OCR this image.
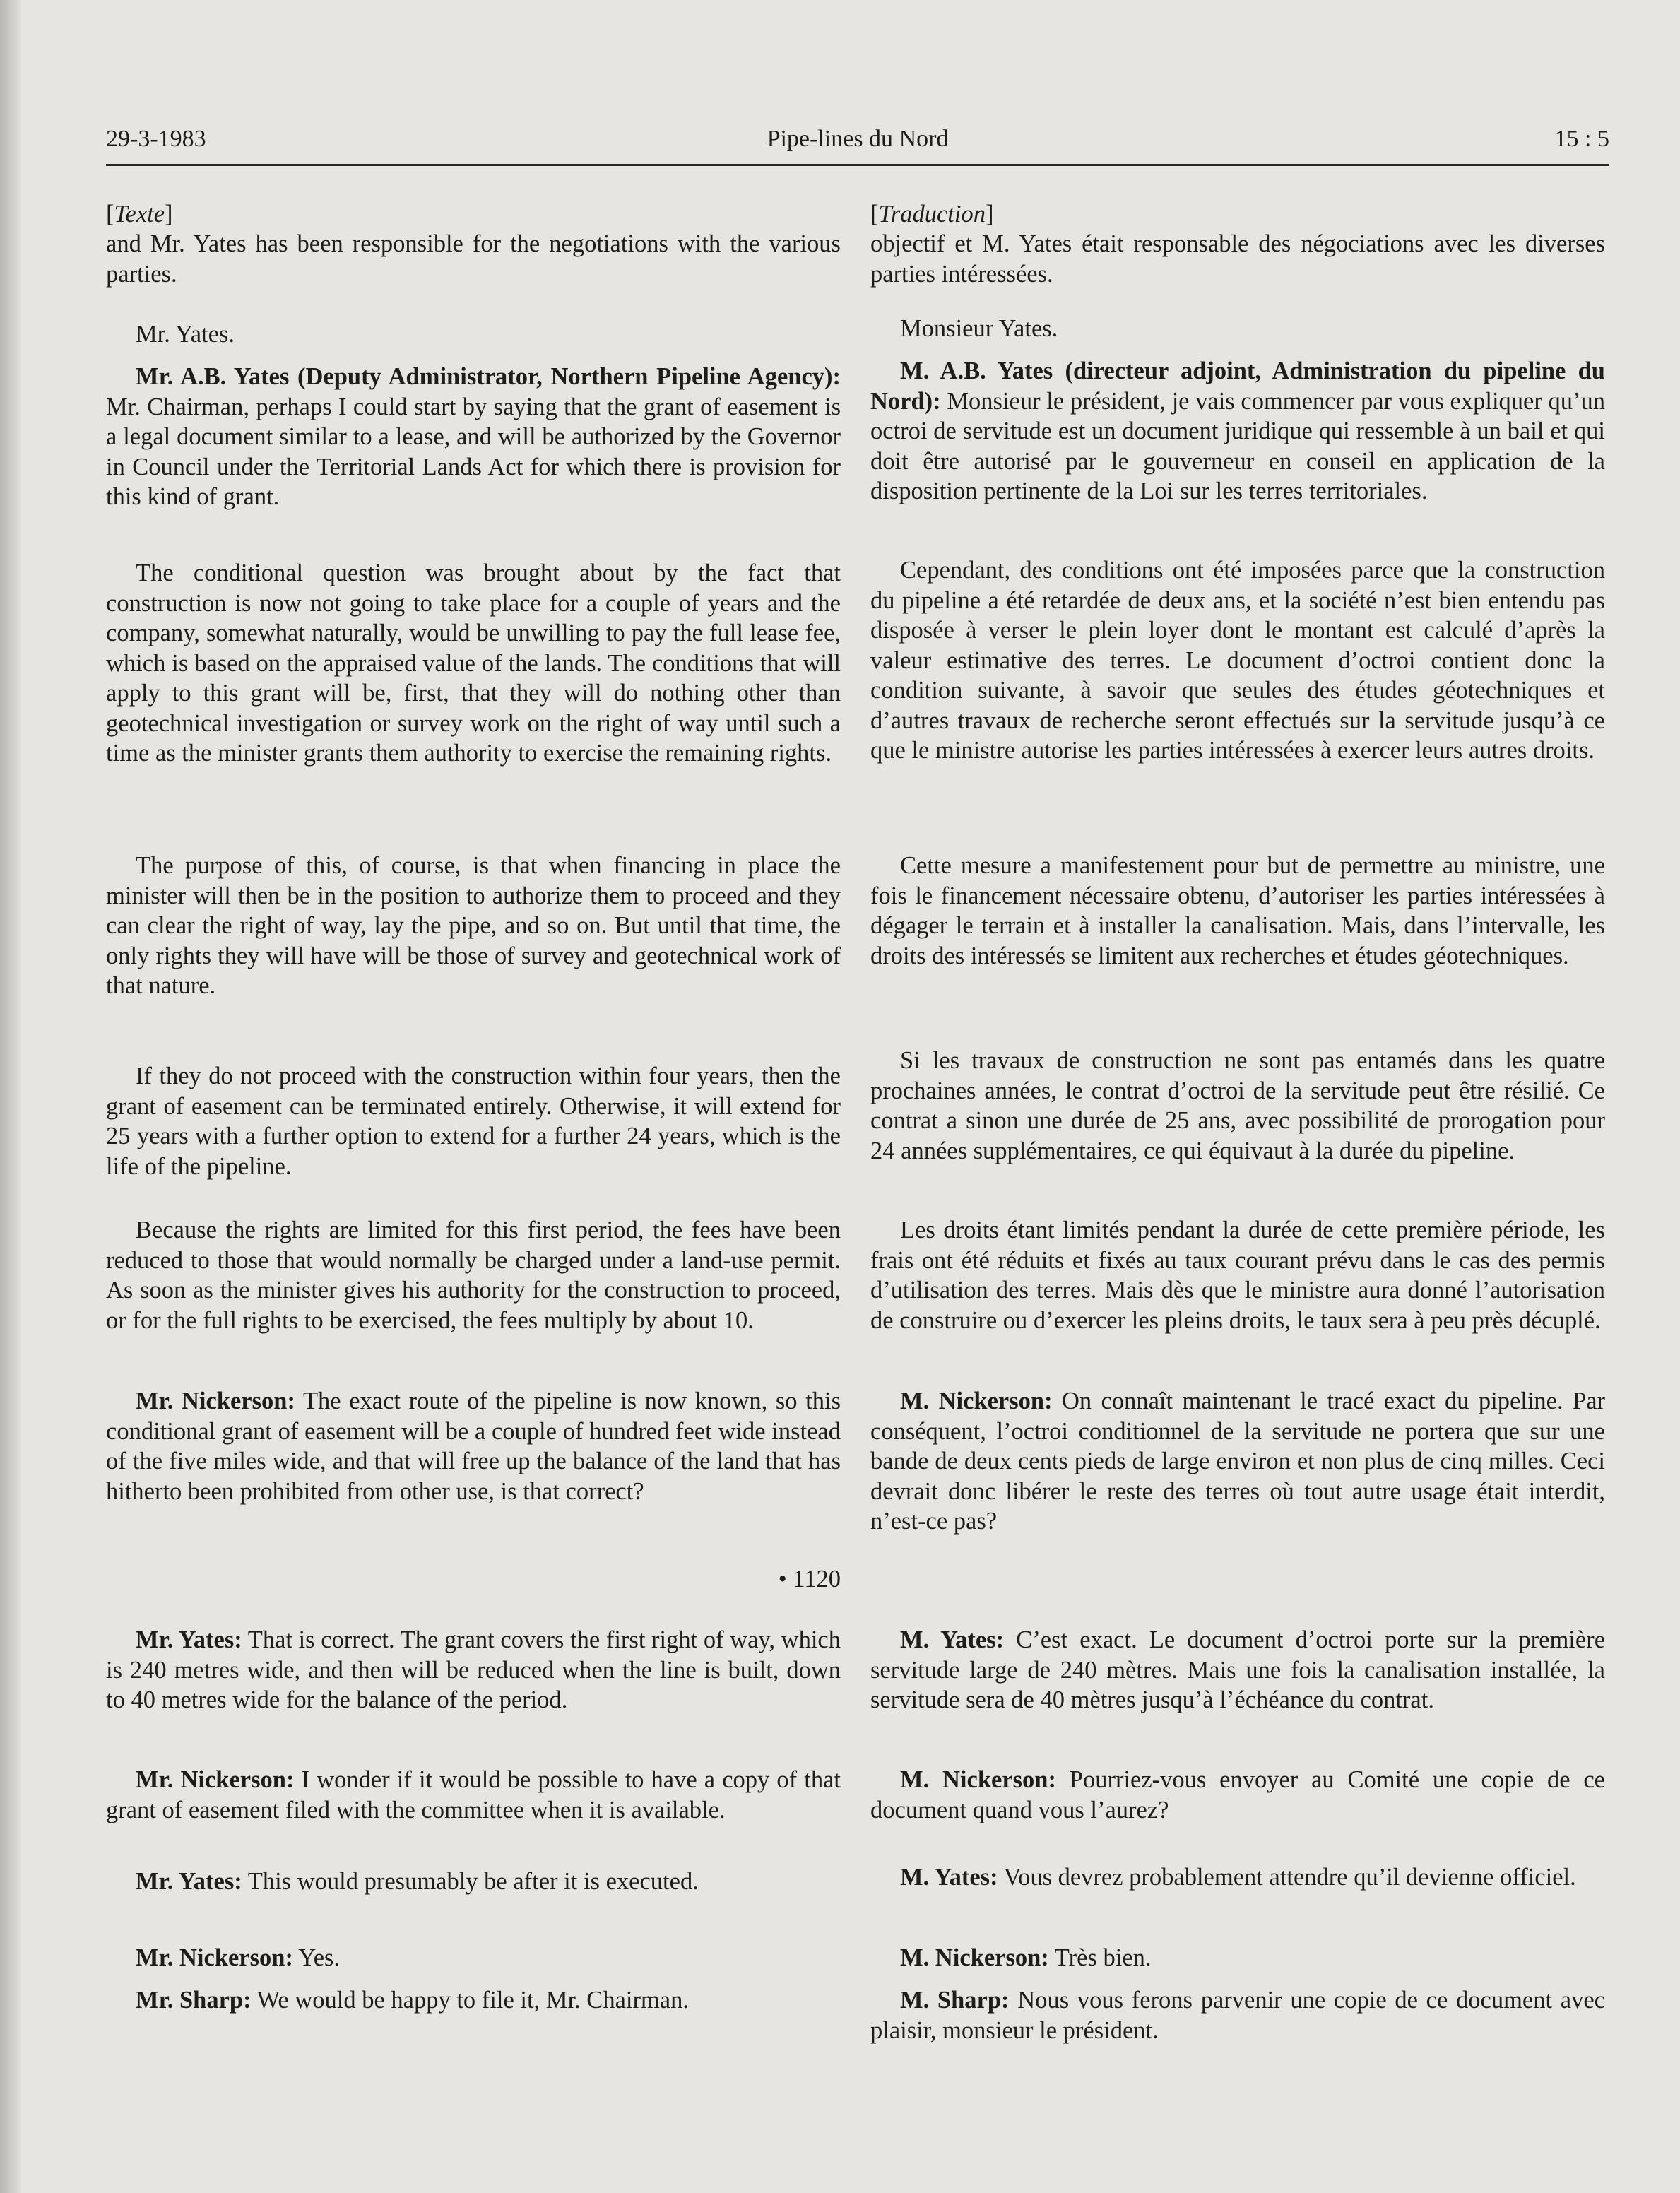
29-3-1983	Pipe-lines du Nord	15 : 5

[Texte]

and Mr. Yates has been responsible for the negotiations with the various parties.

Mr. Yates.

Mr. A.B. Yates (Deputy Administrator, Northern Pipeline Agency): Mr. Chairman, perhaps I could start by saying that the grant of easement is a legal document similar to a lease, and will be authorized by the Governor in Council under the Territorial Lands Act for which there is provision for this kind of grant.

The conditional question was brought about by the fact that construction is now not going to take place for a couple of years and the company, somewhat naturally, would be unwilling to pay the full lease fee, which is based on the appraised value of the lands. The conditions that will apply to this grant will be, first, that they will do nothing other than geotechnical investigation or survey work on the right of way until such a time as the minister grants them authority to exercise the remaining rights.

The purpose of this, of course, is that when financing in place the minister will then be in the position to authorize them to proceed and they can clear the right of way, lay the pipe, and so on. But until that time, the only rights they will have will be those of survey and geotechnical work of that nature.

If they do not proceed with the construction within four years, then the grant of easement can be terminated entirely. Otherwise, it will extend for 25 years with a further option to extend for a further 24 years, which is the life of the pipeline.

Because the rights are limited for this first period, the fees have been reduced to those that would normally be charged under a land-use permit. As soon as the minister gives his authority for the construction to proceed, or for the full rights to be exercised, the fees multiply by about 10.

Mr. Nickerson: The exact route of the pipeline is now known, so this conditional grant of easement will be a couple of hundred feet wide instead of the five miles wide, and that will free up the balance of the land that has hitherto been prohibited from other use, is that correct?

• 1120

Mr. Yates: That is correct. The grant covers the first right of way, which is 240 metres wide, and then will be reduced when the line is built, down to 40 metres wide for the balance of the period.

Mr. Nickerson: I wonder if it would be possible to have a copy of that grant of easement filed with the committee when it is available.

Mr. Yates: This would presumably be after it is executed.

Mr. Nickerson: Yes.

Mr. Sharp: We would be happy to file it, Mr. Chairman.

[Traduction]

objectif et M. Yates était responsable des négociations avec les diverses parties intéressées.

Monsieur Yates.

M. A.B. Yates (directeur adjoint, Administration du pipeline du Nord): Monsieur le président, je vais commencer par vous expliquer qu’un octroi de servitude est un document juridique qui ressemble à un bail et qui doit être autorisé par le gouverneur en conseil en application de la disposition pertinente de la Loi sur les terres territoriales.

Cependant, des conditions ont été imposées parce que la construction du pipeline a été retardée de deux ans, et la société n’est bien entendu pas disposée à verser le plein loyer dont le montant est calculé d’après la valeur estimative des terres. Le document d’octroi contient donc la condition suivante, à savoir que seules des études géotechniques et d’autres travaux de recherche seront effectués sur la servitude jusqu’à ce que le ministre autorise les parties intéressées à exercer leurs autres droits.

Cette mesure a manifestement pour but de permettre au ministre, une fois le financement nécessaire obtenu, d’autoriser les parties intéressées à dégager le terrain et à installer la canalisation. Mais, dans l’intervalle, les droits des intéressés se limitent aux recherches et études géotechniques.

Si les travaux de construction ne sont pas entamés dans les quatre prochaines années, le contrat d’octroi de la servitude peut être résilié. Ce contrat a sinon une durée de 25 ans, avec possibilité de prorogation pour 24 années supplémentaires, ce qui équivaut à la durée du pipeline.

Les droits étant limités pendant la durée de cette première période, les frais ont été réduits et fixés au taux courant prévu dans le cas des permis d’utilisation des terres. Mais dès que le ministre aura donné l’autorisation de construire ou d’exercer les pleins droits, le taux sera à peu près décuplé.

M. Nickerson: On connaît maintenant le tracé exact du pipeline. Par conséquent, l’octroi conditionnel de la servitude ne portera que sur une bande de deux cents pieds de large environ et non plus de cinq milles. Ceci devrait donc libérer le reste des terres où tout autre usage était interdit, n’est-ce pas?

M. Yates: C’est exact. Le document d’octroi porte sur la première servitude large de 240 mètres. Mais une fois la canalisation installée, la servitude sera de 40 mètres jusqu’à l’échéance du contrat.

M. Nickerson: Pourriez-vous envoyer au Comité une copie de ce document quand vous l’aurez?

M. Yates: Vous devrez probablement attendre qu’il devienne officiel.

M. Nickerson: Très bien.

M. Sharp: Nous vous ferons parvenir une copie de ce document avec plaisir, monsieur le président.
